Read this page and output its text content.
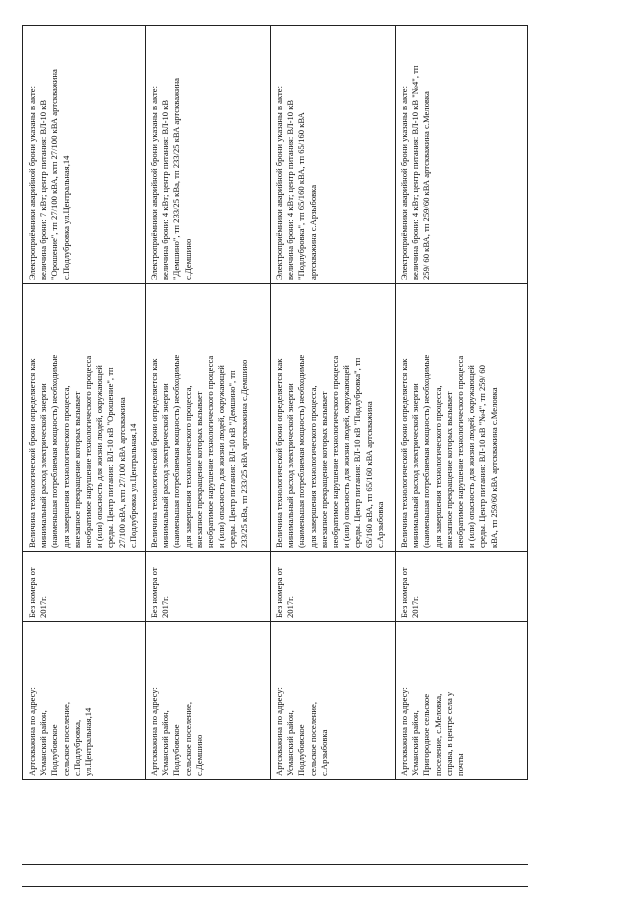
Артскважина по адресу:
Усманский район,
Подлубовское
сельское поселение,
с.Подлубровка,
ул.Центральная,14
Без номера от
2017г.
Величина технологической брони определяется как
минимальный расход электрической энергии
(наименьшая потребляемая мощность) необходимые
для завершения технологического процесса,
внезапное прекращение которых вызывает
необратимое нарушение технологического процесса
и (или) опасность для жизни людей, окружающей
среды. Центр питания: ВЛ-10 кВ "Орошение", тп
27/100 кВА, ктп 27/100 кВА артскважина
с.Подлубровка ул.Центральная,14
Электроприёмники аварийной брони указаны в акте:
величина брони: 7 кВт; центр питания: ВЛ-10 кВ
"Орошение", тп 27/100 кВА, ктп 27/100 кВА артскважина
с.Подлубровка ул.Центральная,14
Артскважина по адресу:
Усманский район,
Подлубовское
сельское поселение,
с.Демшино
Без номера от
2017г.
Величина технологической брони определяется как
минимальный расход электрической энергии
(наименьшая потребляемая мощность) необходимые
для завершения технологического процесса,
внезапное прекращение которых вызывает
необратимое нарушение технологического процесса
и (или) опасность для жизни людей, окружающей
среды. Центр питания: ВЛ-10 кВ "Демшино", тп
233/25 кВа, тп 233/25 кВА артскважина с.Демшино
Электроприёмники аварийной брони указаны в акте:
величина брони: 4 кВт; центр питания: ВЛ-10 кВ
"Демшино", тп 233/25 кВа, тп 233/25 кВА артскважина
с.Демшино
Артскважина по адресу:
Усманский район,
Подлубовское
сельское поселение,
с.Арзыбовка
Без номера от
2017г.
Величина технологической брони определяется как
минимальный расход электрической энергии
(наименьшая потребляемая мощность) необходимые
для завершения технологического процесса,
внезапное прекращение которых вызывает
необратимое нарушение технологического процесса
и (или) опасность для жизни людей, окружающей
среды. Центр питания: ВЛ-10 кВ "Подлубровка", тп
65/160 кВА, тп 65/160 кВА артскважина
с.Арзыбовка
Электроприёмники аварийной брони указаны в акте:
величина брони: 4 кВт; центр питания: ВЛ-10 кВ
"Подлубровка", тп 65/160 кВА, тп 65/160 кВА
артскважина с.Арзыбовка
Артскважина по адресу:
Усманский район,
Пригородное сельское
поселение, с.Меловка,
справа, в центре села у
почты
Без номера от
2017г.
Величина технологической брони определяется как
минимальный расход электрической энергии
(наименьшая потребляемая мощность) необходимые
для завершения технологического процесса,
внезапное прекращение которых вызывает
необратимое нарушение технологического процесса
и (или) опасность для жизни людей, окружающей
среды. Центр питания: ВЛ-10 кВ "№4", тп 259/ 60
кВА, тп 259/60 кВА артскважина с.Меловка
Электроприёмники аварийной брони указаны в акте:
величина брони: 4 кВт; центр питания: ВЛ-10 кВ "№4", тп
259/ 60 кВА, тп 259/60 кВА артскважина с.Меловка
